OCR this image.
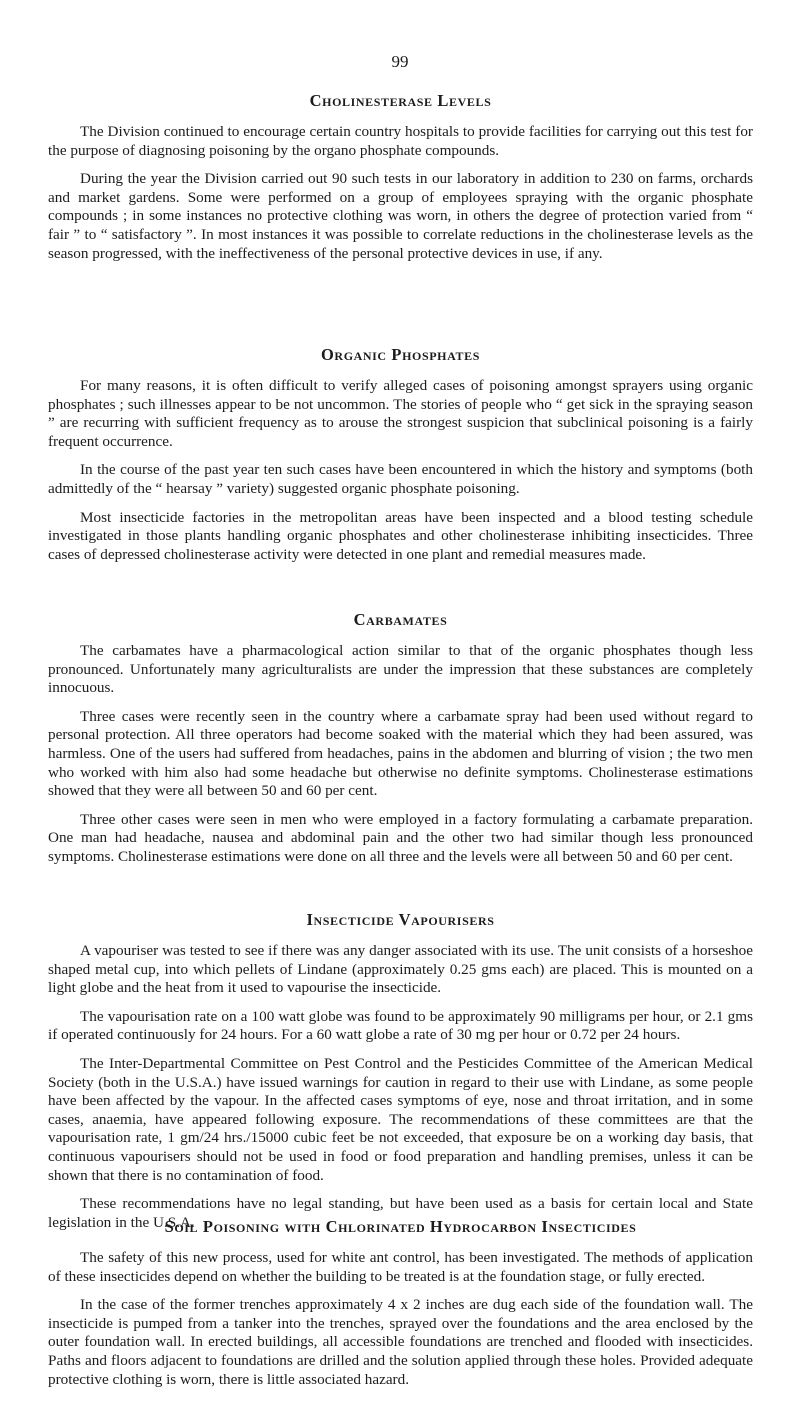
99
Cholinesterase Levels

The Division continued to encourage certain country hospitals to provide facilities for carrying out this test for the purpose of diagnosing poisoning by the organo phosphate compounds.

During the year the Division carried out 90 such tests in our laboratory in addition to 230 on farms, orchards and market gardens. Some were performed on a group of employees spraying with the organic phosphate compounds ; in some instances no protective clothing was worn, in others the degree of protection varied from “ fair ” to “ satisfactory ”. In most instances it was possible to correlate reductions in the cholinesterase levels as the season progressed, with the ineffectiveness of the personal protective devices in use, if any.

Organic Phosphates

For many reasons, it is often difficult to verify alleged cases of poisoning amongst sprayers using organic phosphates ; such illnesses appear to be not uncommon. The stories of people who “ get sick in the spraying season ” are recurring with sufficient frequency as to arouse the strongest suspicion that subclinical poisoning is a fairly frequent occurrence.

In the course of the past year ten such cases have been encountered in which the history and symptoms (both admittedly of the “ hearsay ” variety) suggested organic phosphate poisoning.

Most insecticide factories in the metropolitan areas have been inspected and a blood testing schedule investigated in those plants handling organic phosphates and other cholinesterase inhibiting insecticides. Three cases of depressed cholinesterase activity were detected in one plant and remedial measures made.

Carbamates

The carbamates have a pharmacological action similar to that of the organic phosphates though less pronounced. Unfortunately many agriculturalists are under the impression that these substances are completely innocuous.

Three cases were recently seen in the country where a carbamate spray had been used without regard to personal protection. All three operators had become soaked with the material which they had been assured, was harmless. One of the users had suffered from headaches, pains in the abdomen and blurring of vision ; the two men who worked with him also had some headache but otherwise no definite symptoms. Cholinesterase estimations showed that they were all between 50 and 60 per cent.

Three other cases were seen in men who were employed in a factory formulating a carbamate preparation. One man had headache, nausea and abdominal pain and the other two had similar though less pronounced symptoms. Cholinesterase estimations were done on all three and the levels were all between 50 and 60 per cent.

Insecticide Vapourisers

A vapouriser was tested to see if there was any danger associated with its use. The unit consists of a horseshoe shaped metal cup, into which pellets of Lindane (approximately 0.25 gms each) are placed. This is mounted on a light globe and the heat from it used to vapourise the insecticide.

The vapourisation rate on a 100 watt globe was found to be approximately 90 milligrams per hour, or 2.1 gms if operated continuously for 24 hours. For a 60 watt globe a rate of 30 mg per hour or 0.72 per 24 hours.

The Inter-Departmental Committee on Pest Control and the Pesticides Committee of the American Medical Society (both in the U.S.A.) have issued warnings for caution in regard to their use with Lindane, as some people have been affected by the vapour. In the affected cases symptoms of eye, nose and throat irritation, and in some cases, anaemia, have appeared following exposure. The recommendations of these committees are that the vapourisation rate, 1 gm/24 hrs./15000 cubic feet be not exceeded, that exposure be on a working day basis, that continuous vapourisers should not be used in food or food preparation and handling premises, unless it can be shown that there is no contamination of food.

These recommendations have no legal standing, but have been used as a basis for certain local and State legislation in the U.S.A.

Soil Poisoning with Chlorinated Hydrocarbon Insecticides

The safety of this new process, used for white ant control, has been investigated. The methods of application of these insecticides depend on whether the building to be treated is at the foundation stage, or fully erected.

In the case of the former trenches approximately 4 x 2 inches are dug each side of the foundation wall. The insecticide is pumped from a tanker into the trenches, sprayed over the foundations and the area enclosed by the outer foundation wall. In erected buildings, all accessible foundations are trenched and flooded with insecticides. Paths and floors adjacent to foundations are drilled and the solution applied through these holes. Provided adequate protective clothing is worn, there is little associated hazard.
